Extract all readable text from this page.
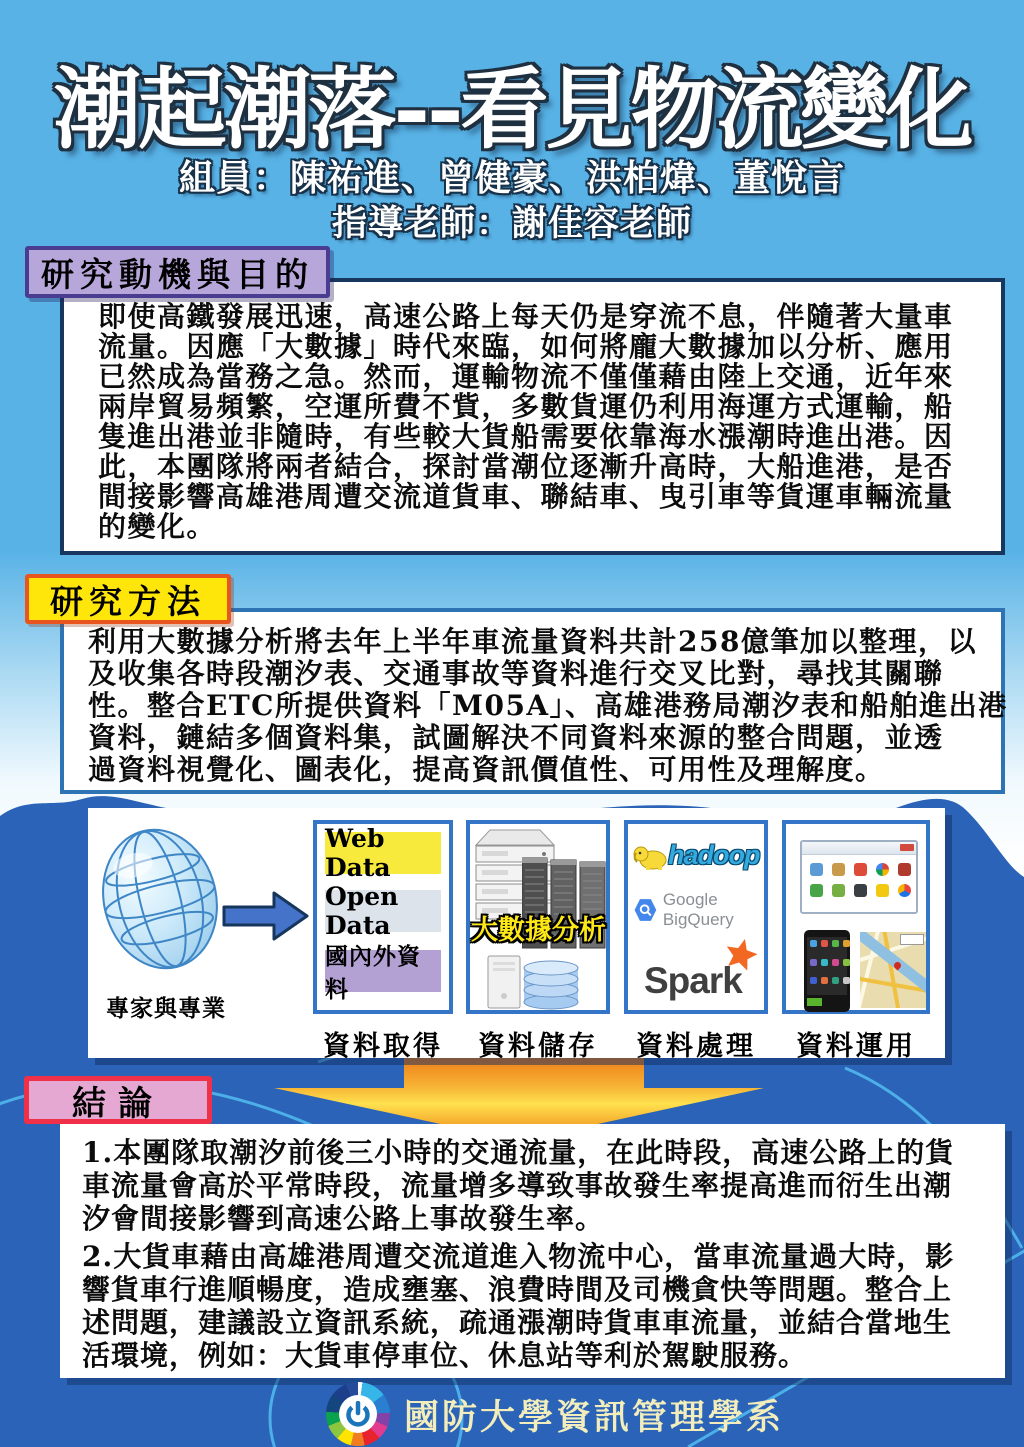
潮起潮落--看見物流變化
組員：陳祐進、曾健豪、洪柏煒、董悅言
指導老師：謝佳容老師
研究動機與目的
即使高鐵發展迅速，高速公路上每天仍是穿流不息，伴隨著大量車
流量。因應「大數據」時代來臨，如何將龐大數據加以分析、應用
已然成為當務之急。然而，運輸物流不僅僅藉由陸上交通，近年來
兩岸貿易頻繁，空運所費不貲，多數貨運仍利用海運方式運輸，船
隻進出港並非隨時，有些較大貨船需要依靠海水漲潮時進出港。因
此，本團隊將兩者結合，探討當潮位逐漸升高時，大船進港，是否
間接影響高雄港周遭交流道貨車、聯結車、曳引車等貨運車輛流量
的變化。
研究方法
利用大數據分析將去年上半年車流量資料共計258億筆加以整理，以
及收集各時段潮汐表、交通事故等資料進行交叉比對，尋找其關聯
性。整合ETC所提供資料「M05A」、高雄港務局潮汐表和船舶進出港
資料，鏈結多個資料集，試圖解決不同資料來源的整合問題，並透
過資料視覺化、圖表化，提高資訊價值性、可用性及理解度。
專家與專業
Web Data
Open Data
國內外資料
大數據分析
hadoop
Google BigQuery
Spark
資料取得	資料儲存	資料處理	資料運用
結論
1.本團隊取潮汐前後三小時的交通流量，在此時段，高速公路上的貨
車流量會高於平常時段，流量增多導致事故發生率提高進而衍生出潮
汐會間接影響到高速公路上事故發生率。
2.大貨車藉由高雄港周遭交流道進入物流中心，當車流量過大時，影
響貨車行進順暢度，造成壅塞、浪費時間及司機貪快等問題。整合上
述問題，建議設立資訊系統，疏通漲潮時貨車車流量，並結合當地生
活環境，例如：大貨車停車位、休息站等利於駕駛服務。
國防大學資訊管理學系
